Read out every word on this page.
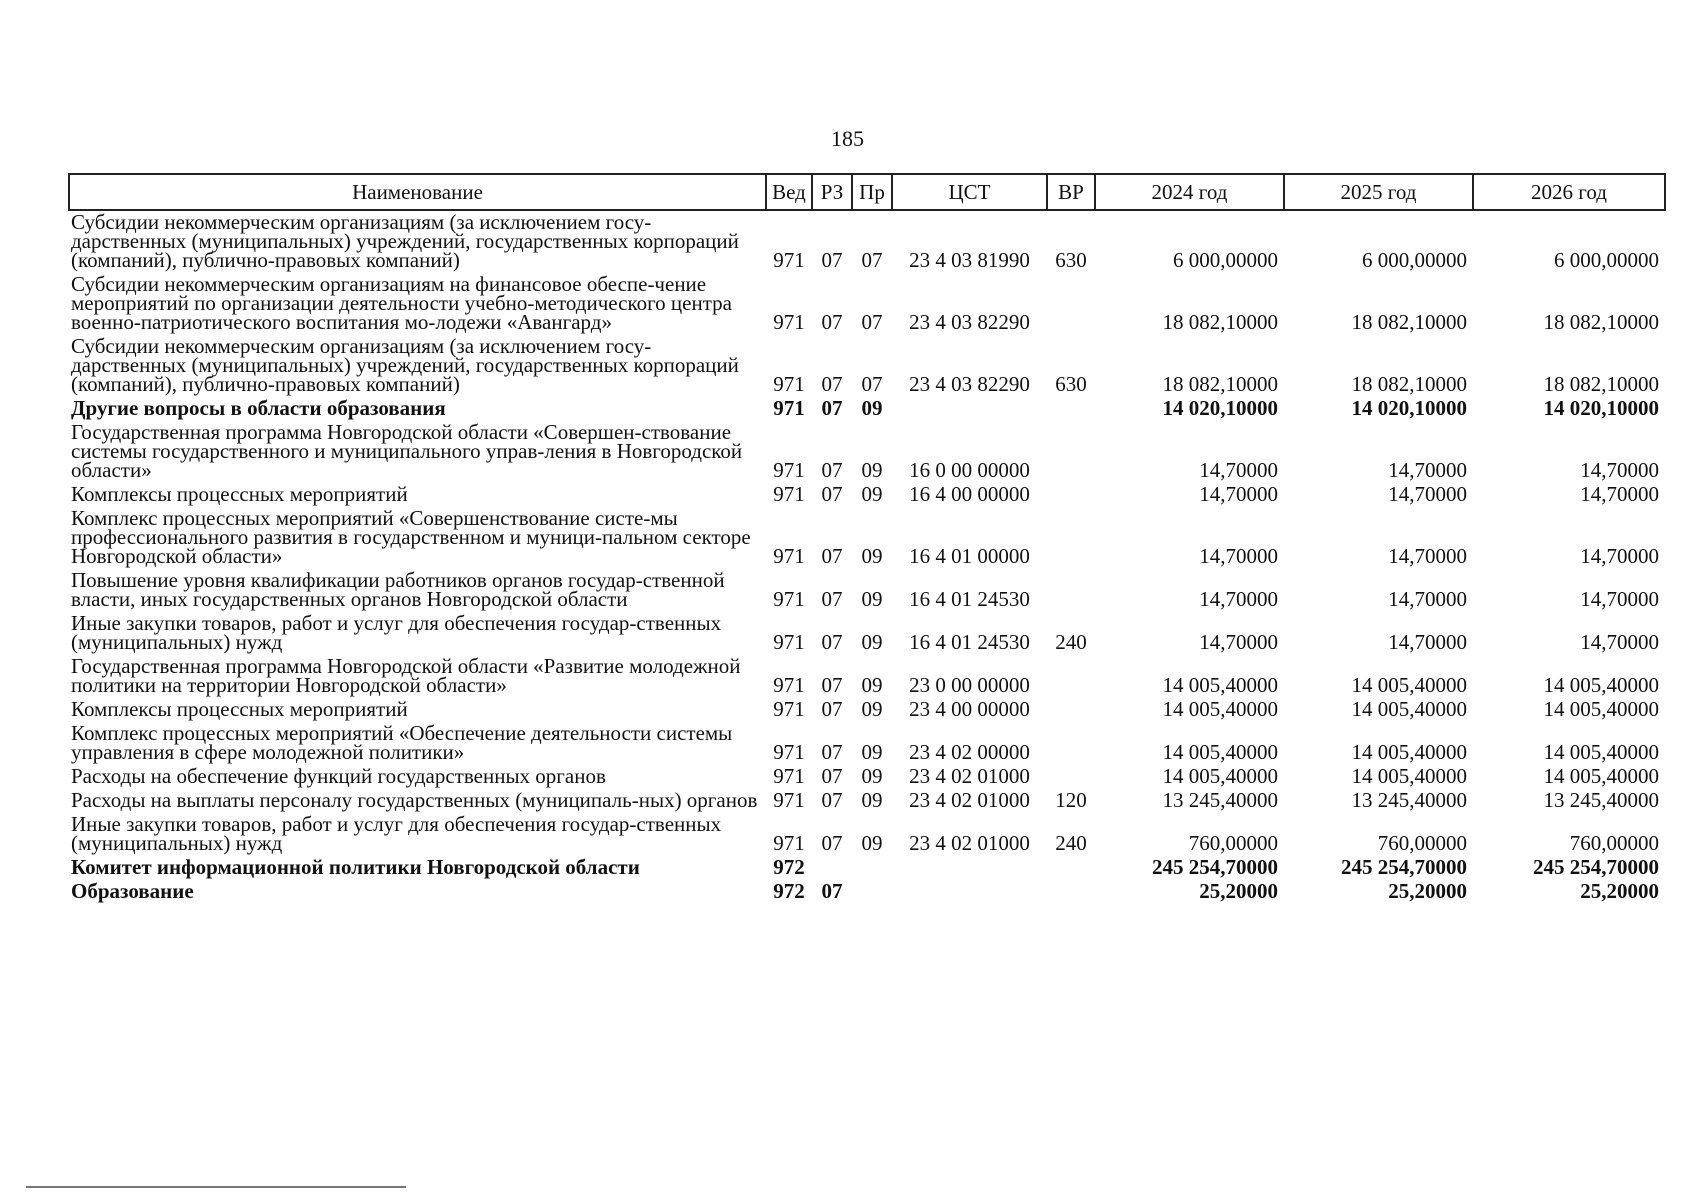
185
Наименование	Вед	РЗ	Пр	ЦСТ	ВР	2024 год	2025 год	2026 год
Субсидии некоммерческим организациям (за исключением госу-дарственных (муниципальных) учреждений, государственных корпораций (компаний), публично-правовых компаний)	971	07	07	23 4 03 81990	630	6 000,00000	6 000,00000	6 000,00000
Субсидии некоммерческим организациям на финансовое обеспе-чение мероприятий по организации деятельности учебно-методического центра военно-патриотического воспитания мо-лодежи «Авангард»	971	07	07	23 4 03 82290		18 082,10000	18 082,10000	18 082,10000
Субсидии некоммерческим организациям (за исключением госу-дарственных (муниципальных) учреждений, государственных корпораций (компаний), публично-правовых компаний)	971	07	07	23 4 03 82290	630	18 082,10000	18 082,10000	18 082,10000
Другие вопросы в области образования	971	07	09			14 020,10000	14 020,10000	14 020,10000
Государственная программа Новгородской области «Совершен-ствование системы государственного и муниципального управ-ления в Новгородской области»	971	07	09	16 0 00 00000		14,70000	14,70000	14,70000
Комплексы процессных мероприятий	971	07	09	16 4 00 00000		14,70000	14,70000	14,70000
Комплекс процессных мероприятий «Совершенствование систе-мы профессионального развития в государственном и муници-пальном секторе Новгородской области»	971	07	09	16 4 01 00000		14,70000	14,70000	14,70000
Повышение уровня квалификации работников органов государ-ственной власти, иных государственных органов Новгородской области	971	07	09	16 4 01 24530		14,70000	14,70000	14,70000
Иные закупки товаров, работ и услуг для обеспечения государ-ственных (муниципальных) нужд	971	07	09	16 4 01 24530	240	14,70000	14,70000	14,70000
Государственная программа Новгородской области «Развитие молодежной политики на территории Новгородской области»	971	07	09	23 0 00 00000		14 005,40000	14 005,40000	14 005,40000
Комплексы процессных мероприятий	971	07	09	23 4 00 00000		14 005,40000	14 005,40000	14 005,40000
Комплекс процессных мероприятий «Обеспечение деятельности системы управления в сфере молодежной политики»	971	07	09	23 4 02 00000		14 005,40000	14 005,40000	14 005,40000
Расходы на обеспечение функций государственных органов	971	07	09	23 4 02 01000		14 005,40000	14 005,40000	14 005,40000
Расходы на выплаты персоналу государственных (муниципаль-ных) органов	971	07	09	23 4 02 01000	120	13 245,40000	13 245,40000	13 245,40000
Иные закупки товаров, работ и услуг для обеспечения государ-ственных (муниципальных) нужд	971	07	09	23 4 02 01000	240	760,00000	760,00000	760,00000
Комитет информационной политики Новгородской области	972					245 254,70000	245 254,70000	245 254,70000
Образование	972	07				25,20000	25,20000	25,20000
